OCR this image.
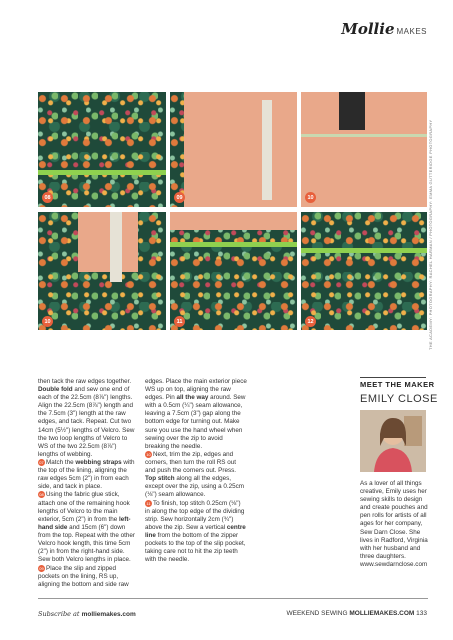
Mollie MAKES
08	09	10
10	11	12	THE ACADEMY: PHOTOGRAPHY: RACHEL HARMAN / PHOTOGRAPHY: EMMA GUTTERIDGE PHOTOGRAPHY

then tack the raw edges together. Double fold and sew one end of each of the 22.5cm (8⅞") lengths. Align the 22.5cm (8⅞") length and the 7.5cm (3") length at the raw edges, and tack. Repeat. Cut two 14cm (5½") lengths of Velcro. Sew the two loop lengths of Velcro to WS of the two 22.5cm (8⅞") lengths of webbing.

07 Match the webbing straps with the top of the lining, aligning the raw edges 5cm (2") in from each side, and tack in place.

08 Using the fabric glue stick, attach one of the remaining hook lengths of Velcro to the main exterior, 5cm (2") in from the left-hand side and 15cm (6") down from the top. Repeat with the other Velcro hook length, this time 5cm (2") in from the right-hand side. Sew both Velcro lengths in place.

09 Place the slip and zipped pockets on the lining, RS up, aligning the bottom and side raw

edges. Place the main exterior piece WS up on top, aligning the raw edges. Pin all the way around. Sew with a 0.5cm (¼") seam allowance, leaving a 7.5cm (3") gap along the bottom edge for turning out. Make sure you use the hand wheel when sewing over the zip to avoid breaking the needle.

10 Next, trim the zip, edges and corners, then turn the roll RS out and push the corners out. Press. Top stitch along all the edges, except over the zip, using a 0.25cm (⅛") seam allowance.

11 To finish, top stitch 0.25cm (⅛") in along the top edge of the dividing strip. Sew horizontally 2cm (¾") above the zip. Sew a vertical centre line from the bottom of the zipper pockets to the top of the slip pocket, taking care not to hit the zip teeth with the needle.

MEET THE MAKER
EMILY CLOSE
As a lover of all things creative, Emily uses her sewing skills to design and create pouches and pen rolls for artists of all ages for her company, Sew Darn Close. She lives in Radford, Virginia with her husband and three daughters. www.sewdarnclose.com
Subscribe at molliemakes.com	WEEKEND SEWING MOLLIEMAKES.COM 133
